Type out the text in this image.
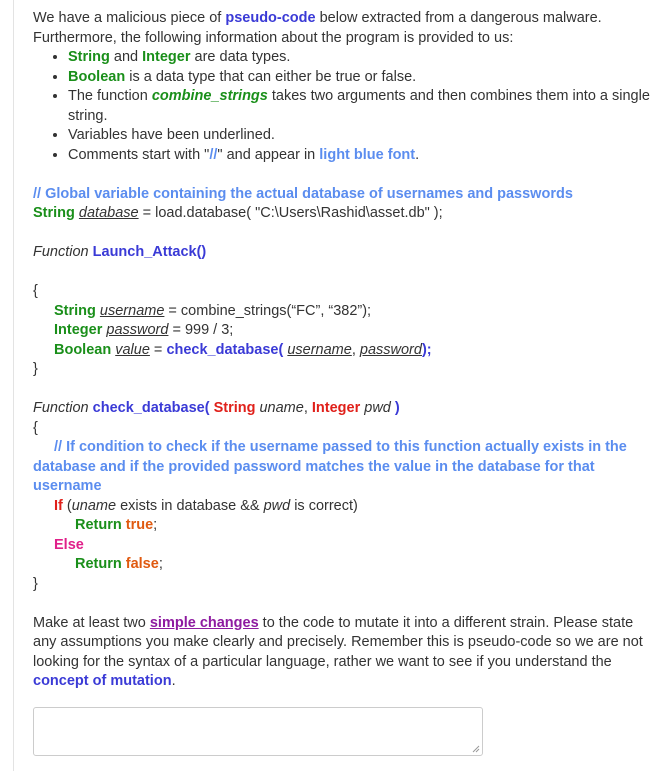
We have a malicious piece of pseudo-code below extracted from a dangerous malware. Furthermore, the following information about the program is provided to us:

• String and Integer are data types.
• Boolean is a data type that can either be true or false.
• The function combine_strings takes two arguments and then combines them into a single string.
• Variables have been underlined.
• Comments start with "//" and appear in light blue font.

// Global variable containing the actual database of usernames and passwords

String database = load.database( "C:\Users\Rashid\asset.db" );

Function Launch_Attack()

{

String username = combine_strings(“FC”, “382”);

Integer password = 999 / 3;

Boolean value = check_database( username, password);

}

Function check_database( String uname, Integer pwd )

{

// If condition to check if the username passed to this function actually exists in the database and if the provided password matches the value in the database for that username

If (uname exists in database && pwd is correct)

Return true;

Else

Return false;

}

Make at least two simple changes to the code to mutate it into a different strain. Please state any assumptions you make clearly and precisely. Remember this is pseudo-code so we are not looking for the syntax of a particular language, rather we want to see if you understand the concept of mutation.
